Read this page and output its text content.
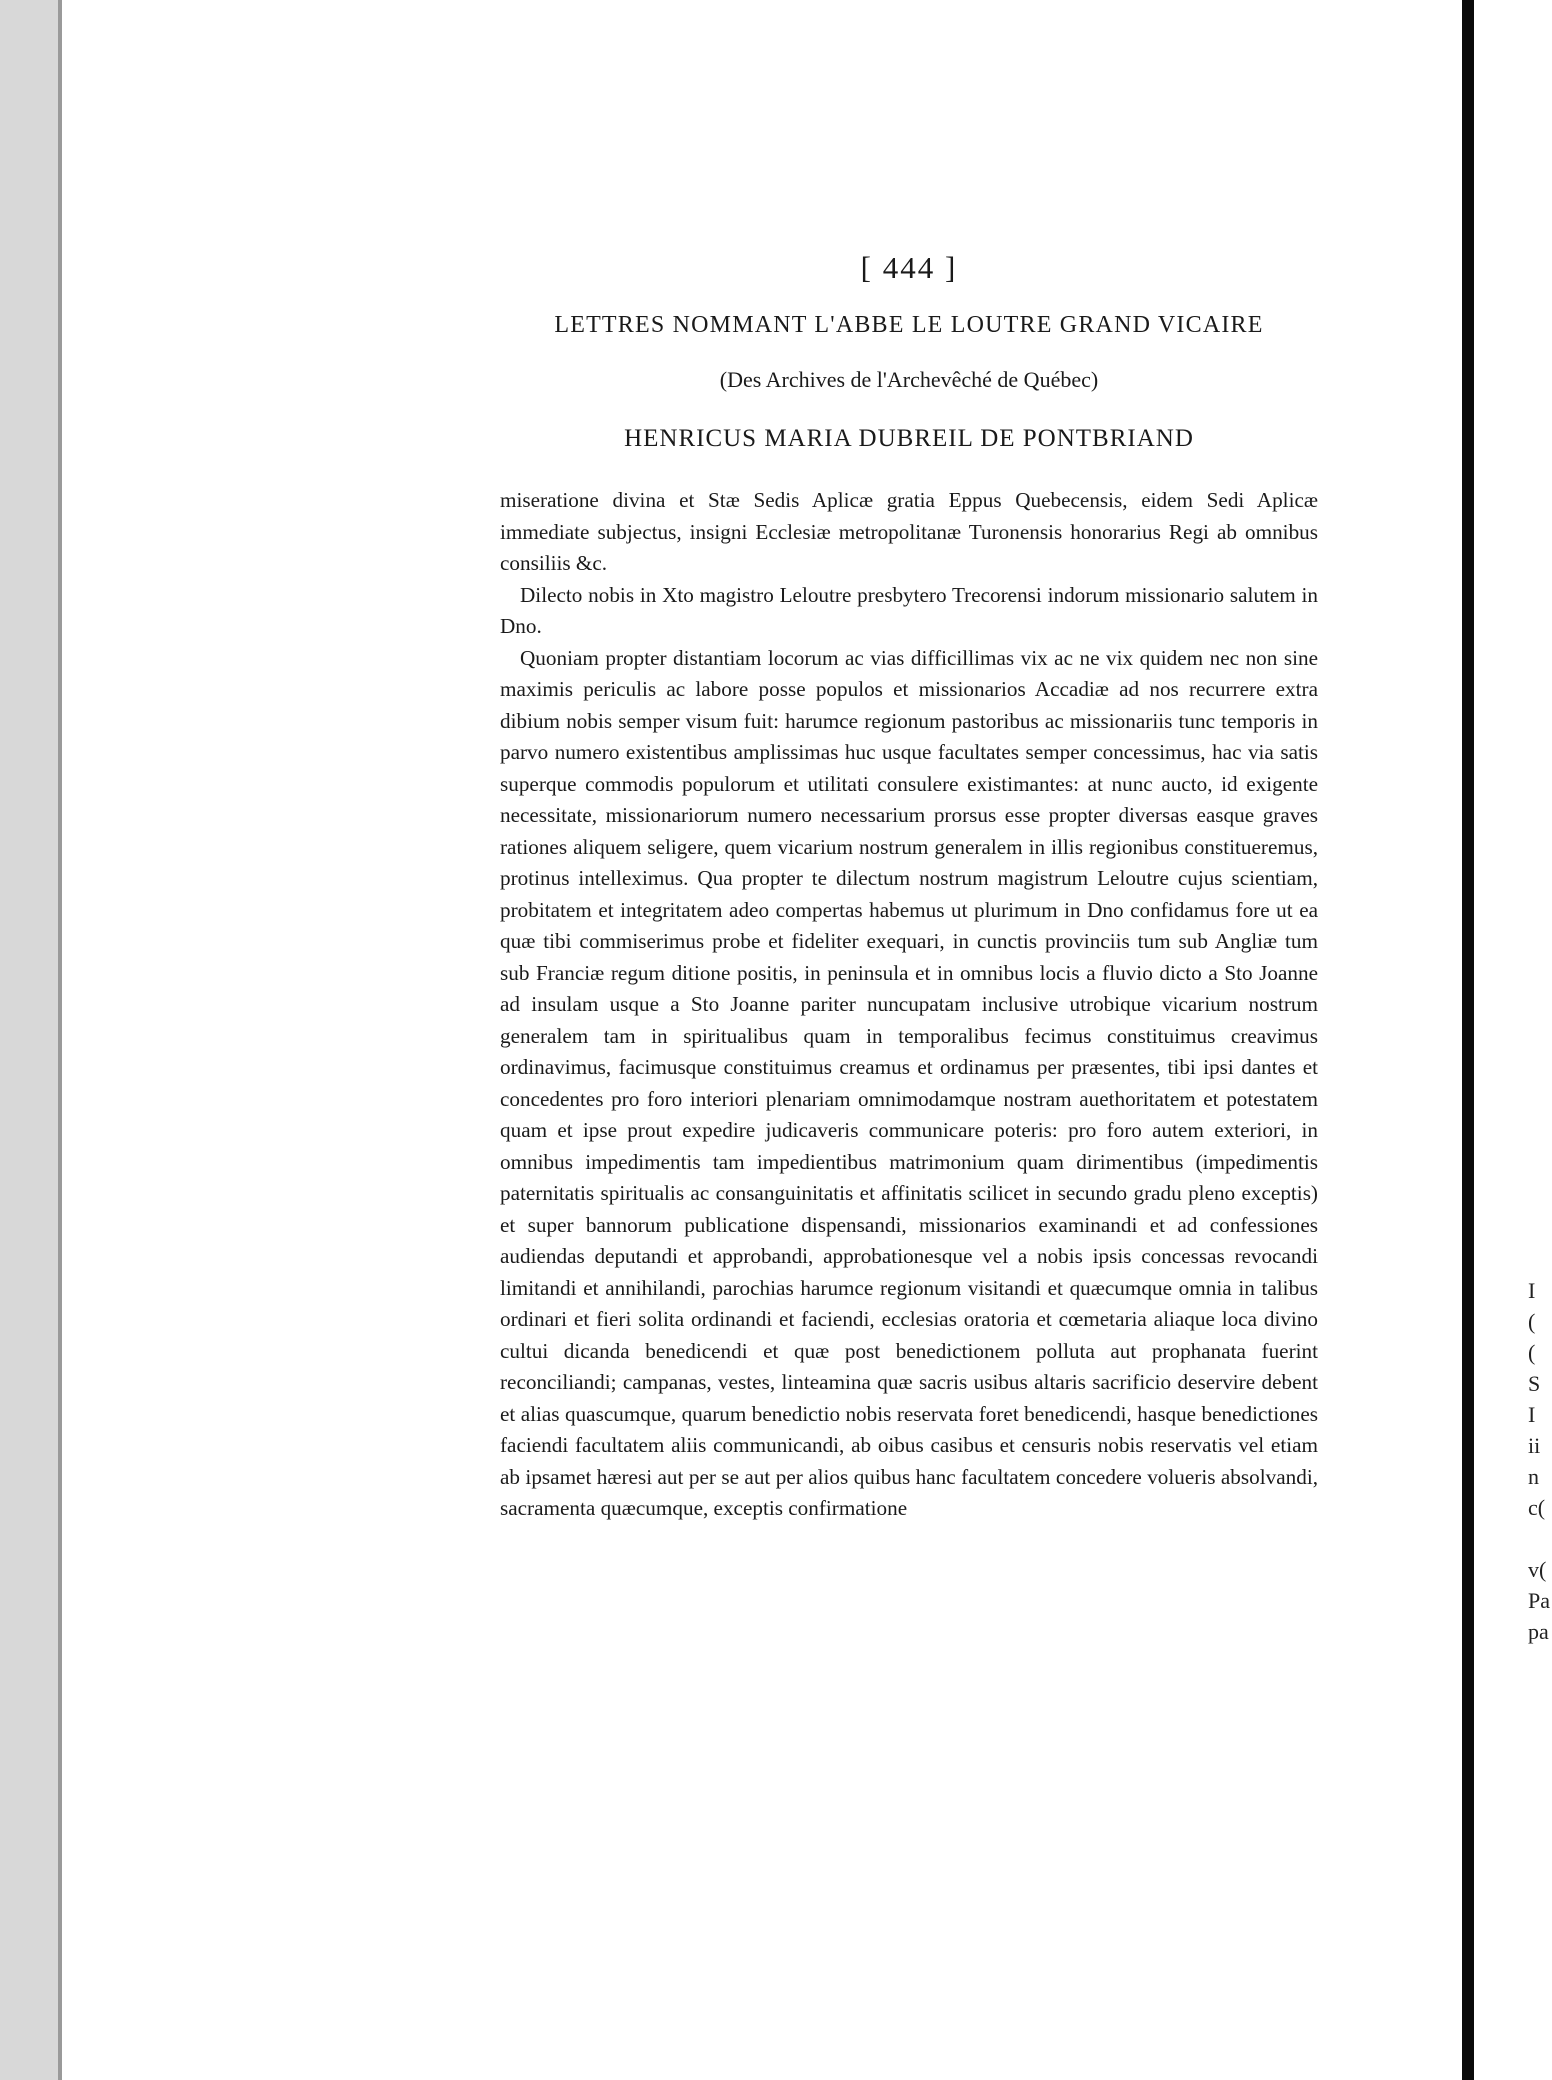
I
(
(
S
I
ii
n
c(

v(
Pa
pa
[ 444 ]
LETTRES NOMMANT L'ABBE LE LOUTRE GRAND VICAIRE
(Des Archives de l'Archevêché de Québec)
HENRICUS MARIA DUBREIL DE PONTBRIAND

miseratione divina et Stæ Sedis Aplicæ gratia Eppus Quebecensis, eidem Sedi Aplicæ immediate subjectus, insigni Ecclesiæ metropolitanæ Turonensis honorarius Regi ab omnibus consiliis &c.

Dilecto nobis in Xto magistro Leloutre presbytero Trecorensi indorum missionario salutem in Dno.

Quoniam propter distantiam locorum ac vias difficillimas vix ac ne vix quidem nec non sine maximis periculis ac labore posse populos et missionarios Accadiæ ad nos recurrere extra dibium nobis semper visum fuit: harumce regionum pastoribus ac missionariis tunc temporis in parvo numero existentibus amplissimas huc usque facultates semper concessimus, hac via satis superque commodis populorum et utilitati consulere existimantes: at nunc aucto, id exigente necessitate, missionariorum numero necessarium prorsus esse propter diversas easque graves rationes aliquem seligere, quem vicarium nostrum generalem in illis regionibus constitueremus, protinus intelleximus. Qua propter te dilectum nostrum magistrum Leloutre cujus scientiam, probitatem et integritatem adeo compertas habemus ut plurimum in Dno confidamus fore ut ea quæ tibi commiserimus probe et fideliter exequari, in cunctis provinciis tum sub Angliæ tum sub Franciæ regum ditione positis, in peninsula et in omnibus locis a fluvio dicto a Sto Joanne ad insulam usque a Sto Joanne pariter nuncupatam inclusive utrobique vicarium nostrum generalem tam in spiritualibus quam in temporalibus fecimus constituimus creavimus ordinavimus, facimusque constituimus creamus et ordinamus per præsentes, tibi ipsi dantes et concedentes pro foro interiori plenariam omnimodamque nostram auethoritatem et potestatem quam et ipse prout expedire judicaveris communicare poteris: pro foro autem exteriori, in omnibus impedimentis tam impedientibus matrimonium quam dirimentibus (impedimentis paternitatis spiritualis ac consanguinitatis et affinitatis scilicet in secundo gradu pleno exceptis) et super bannorum publicatione dispensandi, missionarios examinandi et ad confessiones audiendas deputandi et approbandi, approbationesque vel a nobis ipsis concessas revocandi limitandi et annihilandi, parochias harumce regionum visitandi et quæcumque omnia in talibus ordinari et fieri solita ordinandi et faciendi, ecclesias oratoria et cœmetaria aliaque loca divino cultui dicanda benedicendi et quæ post benedictionem polluta aut prophanata fuerint reconciliandi; campanas, vestes, linteamina quæ sacris usibus altaris sacrificio deservire debent et alias quascumque, quarum benedictio nobis reservata foret benedicendi, hasque benedictiones faciendi facultatem aliis communicandi, ab oibus casibus et censuris nobis reservatis vel etiam ab ipsamet hæresi aut per se aut per alios quibus hanc facultatem concedere volueris absolvandi, sacramenta quæcumque, exceptis confirmatione
